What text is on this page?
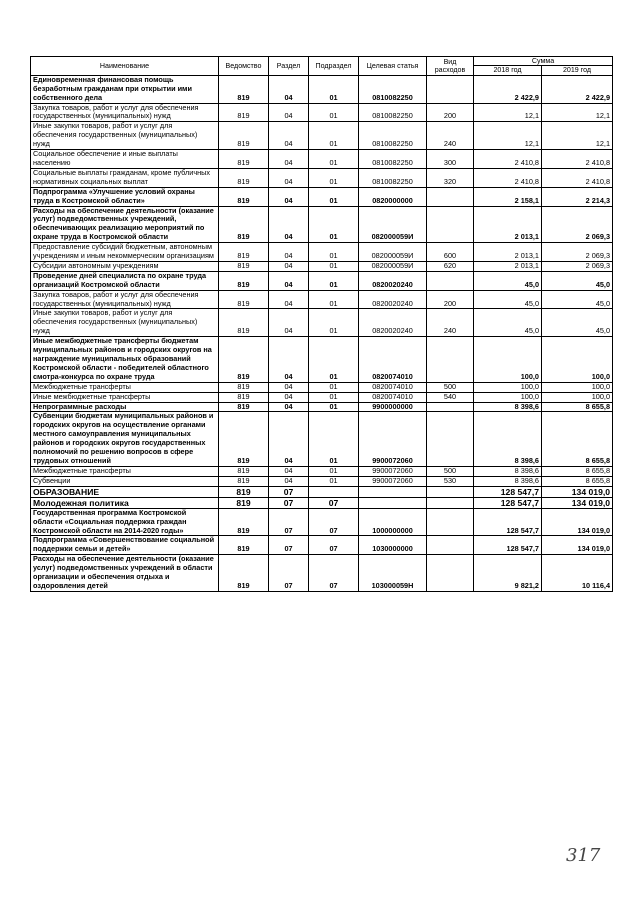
Наименование	Ведомство	Раздел	Подраздел	Целевая статья	Вид расходов	Сумма	
						2018 год	2019 год
Единовременная финансовая помощь безработным гражданам при открытии ими собственного дела	819	04	01	0810082250		2 422,9	2 422,9
Закупка товаров, работ и услуг для обеспечения государственных (муниципальных) нужд	819	04	01	0810082250	200	12,1	12,1
Иные закупки товаров, работ и услуг для обеспечения государственных (муниципальных) нужд	819	04	01	0810082250	240	12,1	12,1
Социальное обеспечение и иные выплаты населению	819	04	01	0810082250	300	2 410,8	2 410,8
Социальные выплаты гражданам, кроме публичных нормативных социальных выплат	819	04	01	0810082250	320	2 410,8	2 410,8
Подпрограмма «Улучшение условий охраны труда в Костромской области»	819	04	01	0820000000		2 158,1	2 214,3
Расходы на обеспечение деятельности (оказание услуг) подведомственных учреждений, обеспечивающих реализацию мероприятий по охране труда в Костромской области	819	04	01	082000059И		2 013,1	2 069,3
Предоставление субсидий бюджетным, автономным учреждениям и иным некоммерческим организациям	819	04	01	082000059И	600	2 013,1	2 069,3
Субсидии автономным учреждениям	819	04	01	082000059И	620	2 013,1	2 069,3
Проведение дней специалиста по охране труда организаций Костромской области	819	04	01	0820020240		45,0	45,0
Закупка товаров, работ и услуг для обеспечения государственных (муниципальных) нужд	819	04	01	0820020240	200	45,0	45,0
Иные закупки товаров, работ и услуг для обеспечения государственных (муниципальных) нужд	819	04	01	0820020240	240	45,0	45,0
Иные межбюджетные трансферты бюджетам муниципальных районов и городских округов на награждение муниципальных образований Костромской области - победителей областного смотра-конкурса по охране труда	819	04	01	0820074010		100,0	100,0
Межбюджетные трансферты	819	04	01	0820074010	500	100,0	100,0
Иные межбюджетные трансферты	819	04	01	0820074010	540	100,0	100,0
Непрограммные расходы	819	04	01	9900000000		8 398,6	8 655,8
Субвенции бюджетам муниципальных районов и городских округов на осуществление органами местного самоуправления муниципальных районов и городских округов государственных полномочий по решению вопросов в сфере трудовых отношений	819	04	01	9900072060		8 398,6	8 655,8
Межбюджетные трансферты	819	04	01	9900072060	500	8 398,6	8 655,8
Субвенции	819	04	01	9900072060	530	8 398,6	8 655,8
ОБРАЗОВАНИЕ	819	07				128 547,7	134 019,0
Молодежная политика	819	07	07			128 547,7	134 019,0
Государственная программа Костромской области «Социальная поддержка граждан Костромской области на 2014-2020 годы»	819	07	07	1000000000		128 547,7	134 019,0
Подпрограмма «Совершенствование социальной поддержки семьи и детей»	819	07	07	1030000000		128 547,7	134 019,0
Расходы на обеспечение деятельности (оказание услуг) подведомственных учреждений в области организации и обеспечения отдыха и оздоровления детей	819	07	07	103000059Н		9 821,2	10 116,4
317
